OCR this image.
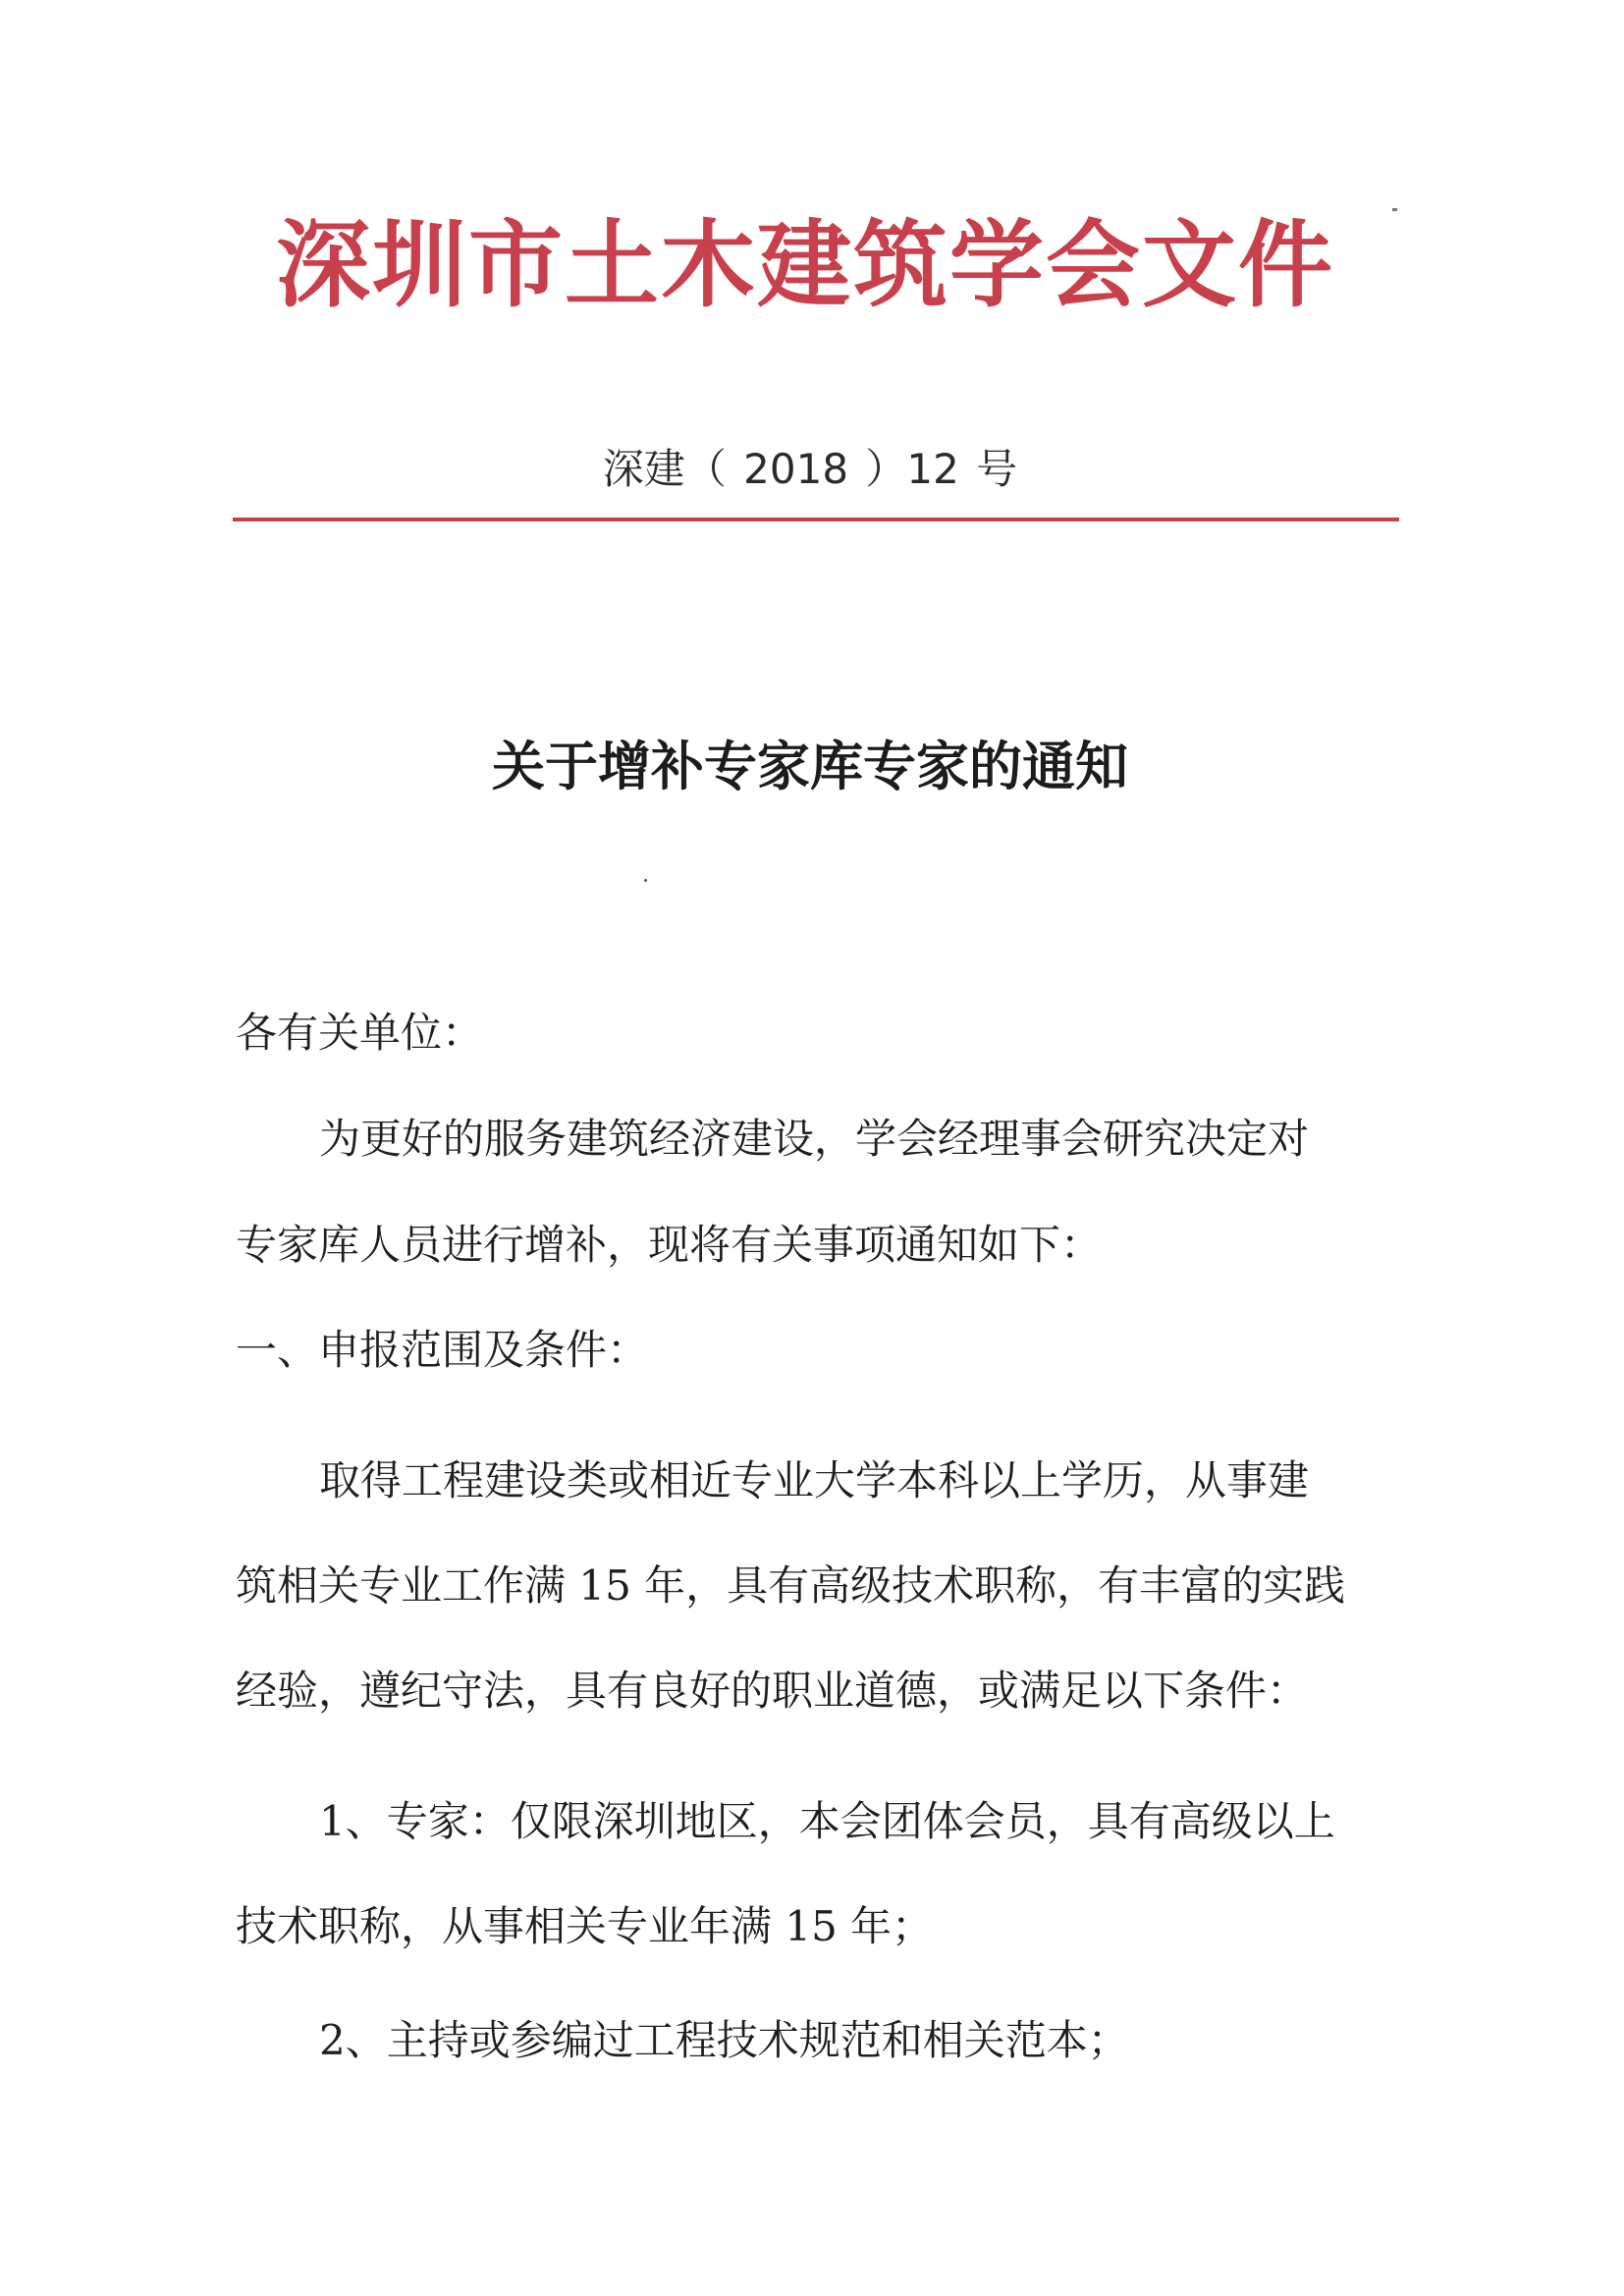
深圳市土木建筑学会文件
深建（ 2018 ）12 号
关于增补专家库专家的通知
各有关单位：
为更好的服务建筑经济建设，学会经理事会研究决定对
专家库人员进行增补，现将有关事项通知如下：
一、申报范围及条件：
取得工程建设类或相近专业大学本科以上学历，从事建
筑相关专业工作满 15 年，具有高级技术职称，有丰富的实践
经验，遵纪守法，具有良好的职业道德，或满足以下条件：
1、专家：仅限深圳地区，本会团体会员，具有高级以上
技术职称，从事相关专业年满 15 年；
2、主持或参编过工程技术规范和相关范本；
